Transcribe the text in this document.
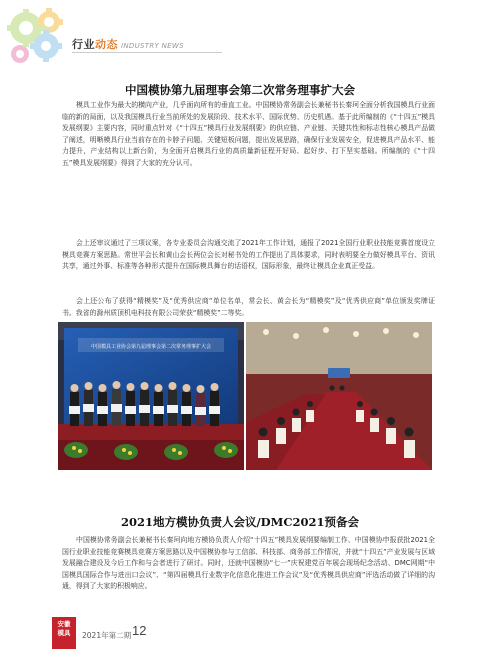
行业动态 INDUSTRY NEWS
中国模协第九届理事会第二次常务理事扩大会

模具工业作为最大的横向产业，几乎面向所有的垂直工业。中国模协常务副会长兼秘书长秦珂全面分析我国模具行业面临的新的局面，以及我国模具行业当前所处的发展阶段、技术水平、国际优势、历史机遇。基于此所编制的《“十四五”模具发展纲要》主要内容，同时重点针对《“十四五”模具行业发展纲要》的供应链、产业链、关键共性和标志性核心模具产品做了阐述，明晰模具行业当前存在的卡脖子问题、关键短板问题，提出发展思路，确保行业发展安全，促进模具产品水平、能力提升，产业结构以上新台阶，为全面开启模具行业的高质量新征程开好局、起好步、打下坚实基础。所编制的《“十四五”模具发展纲要》得到了大家的充分认可。

会上还审议通过了三项议案，各专业委员会沟通交流了2021年工作计划，通报了2021全国行业职业技能竞赛首度设立模具竞赛方案思路。常世平会长和黄山会长两位会长对秘书处的工作提出了具体要求，同时表明要全力做好模具平台、资讯共享，通过外事、标准等各种形式提升在国际模具舞台的话语权，国际形象，最终让模具企业真正受益。

会上还公布了获得“精模奖”及“优秀供应商”单位名单，常会长、黄会长为“精模奖”及“优秀供应商”单位颁发奖牌证书。我省的滁州质顶机电科技有限公司荣获“精模奖”二等奖。

中国模具工业协会第九届理事会第二次常务理事扩大会
2021地方模协负责人会议/DMC2021预备会

中国模协常务副会长兼秘书长秦珂向地方模协负责人介绍“十四五”模具发展纲要编制工作、中国模协申报获批2021全国行业职业技能竞赛模具竞赛方案思路以及中国模协参与工信部、科技部、商务部工作情况，并就“十四五”产业发展与区域发展融合建设及今后工作和与会者进行了研讨。同时，还就中国模协“七一”庆祝建党百年展会现场纪念活动、DMC网期“中国模具国际合作与进出口会议”、“第四届模具行业数字化信息化推进工作会议”及“优秀模具供应商”评选活动做了详细的沟通，得到了大家的积极响应。

安徽
模具	2021年第二期 12
